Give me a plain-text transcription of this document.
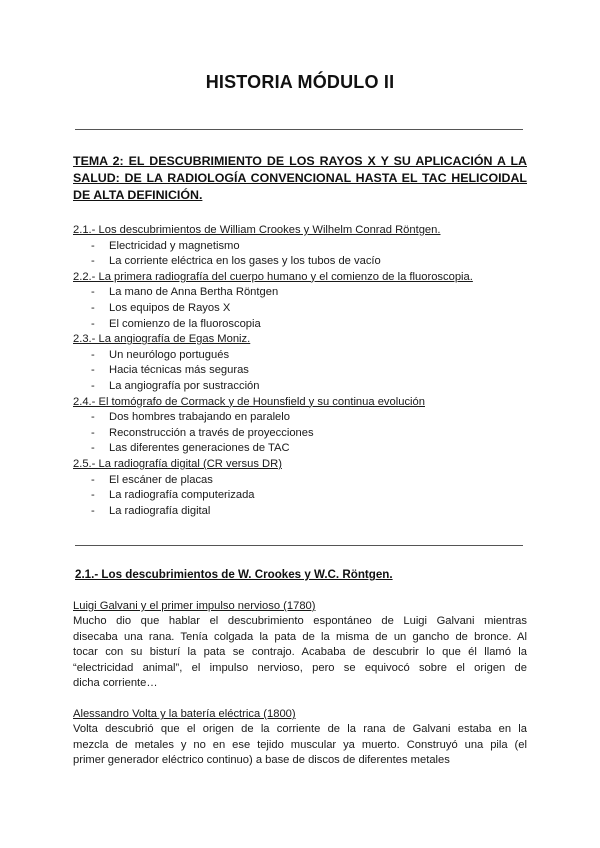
HISTORIA MÓDULO II
TEMA 2: EL DESCUBRIMIENTO DE LOS RAYOS X Y SU APLICACIÓN A LA SALUD: DE LA RADIOLOGÍA CONVENCIONAL HASTA EL TAC HELICOIDAL DE ALTA DEFINICIÓN.
2.1.- Los descubrimientos de William Crookes y Wilhelm Conrad Röntgen.
- Electricidad y magnetismo
- La corriente eléctrica en los gases y los tubos de vacío
2.2.- La primera radiografía del cuerpo humano y el comienzo de la fluoroscopia.
- La mano de Anna Bertha Röntgen
- Los equipos de Rayos X
- El comienzo de la fluoroscopia
2.3.- La angiografía de Egas Moniz.
- Un neurólogo portugués
- Hacia técnicas más seguras
- La angiografía por sustracción
2.4.- El tomógrafo de Cormack y de Hounsfield y su continua evolución
- Dos hombres trabajando en paralelo
- Reconstrucción a través de proyecciones
- Las diferentes generaciones de TAC
2.5.- La radiografía digital (CR versus DR)
- El escáner de placas
- La radiografía computerizada
- La radiografía digital
2.1.- Los descubrimientos de W. Crookes y W.C. Röntgen.
Luigi Galvani y el primer impulso nervioso (1780)
Mucho dio que hablar el descubrimiento espontáneo de Luigi Galvani mientras
disecaba una rana. Tenía colgada la pata de la misma de un gancho de bronce. Al
tocar con su bisturí la pata se contrajo. Acababa de descubrir lo que él llamó la
“electricidad animal”, el impulso nervioso, pero se equivocó sobre el origen de
dicha corriente…
Alessandro Volta y la batería eléctrica (1800)
Volta descubrió que el origen de la corriente de la rana de Galvani estaba en la
mezcla de metales y no en ese tejido muscular ya muerto. Construyó una pila (el
primer generador eléctrico continuo) a base de discos de diferentes metales
